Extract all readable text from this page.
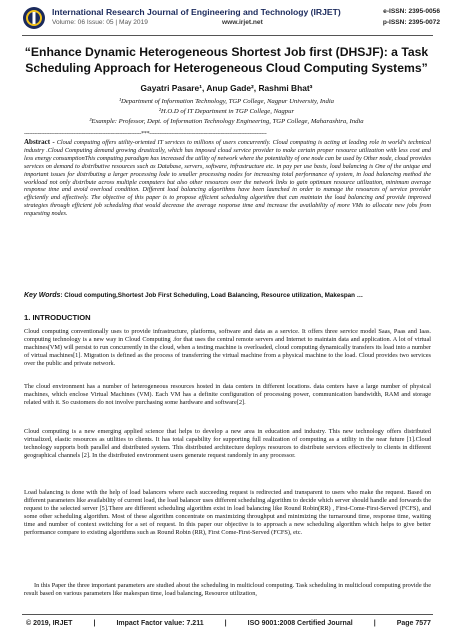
International Research Journal of Engineering and Technology (IRJET)
Volume: 06 Issue: 05 | May 2019	www.irjet.net
e-ISSN: 2395-0056
p-ISSN: 2395-0072
“Enhance Dynamic Heterogeneous Shortest Job first (DHSJF): a Task Scheduling Approach for Heterogeneous Cloud Computing Systems”
Gayatri Pasare¹, Anup Gade², Rashmi Bhat³
¹Department of Information Technology, TGP College, Nagpur University, India
²H.O.D of IT Department in TGP College, Nagpur
³Example: Professor, Dept. of Information Technology Engineering, TGP College, Maharashtra, India
---------------------------------------------------------------------***---------------------------------------------------------------------
Abstract - Cloud computing offers utility-oriented IT services to millions of users concurrently. Cloud computing is acting at leading role in world's technical industry .Cloud Computing demand growing drastically, which has imposed cloud service provider to make certain proper resource utilization with less cost and less energy consumptionThis computing paradigm has increased the utility of network where the potentiality of one node can be used by Other node, cloud provides services on demand to distributive resources such as Database, servers, software, infrastructure etc. in pay per use basis, load balancing is One of the unique and important issues for distributing a larger processing lode to smaller processing nodes for increasing total performance of system, in load balancing method the workload not only distribute across multiple computers but also other resources over the network links to gain optimum resource utilization, minimum average response time and avoid overload condition. Different load balancing algorithms have been launched in order to manage the resources of service provider efficiently and effectively. The objective of this paper is to propose efficient scheduling algorithm that can maintain the load balancing and provide improved strategies through efficient job scheduling that would decrease the average response time and increase the availability of more VMs to allocate new jobs from requesting nodes.
Key Words: Cloud computing,Shortest Job First Scheduling, Load Balancing, Resource utilization, Makespan …
1. INTRODUCTION
Cloud computing conventionally uses to provide infrastructure, platforms, software and data as a service. It offers three service model Saas, Paas and Iaas. computing technology is a new way in Cloud Computing .for that uses the central remote servers and Internet to maintain data and application. A lot of virtual machines(VM) will persist to run concurrently in the cloud, when a testing machine is overloaded, cloud computing dynamically transfers its load into a number of virtual machines[1]. Migration is defined as the process of transferring the virtual machine from a physical machine to the load. Cloud provides two services over the public and private network.
The cloud environment has a number of heterogeneous resources hosted in data centers in different locations. data centers have a large number of physical machines, which enclose Virtual Machines (VM). Each VM has a definite configuration of processing power, communication bandwidth, RAM and storage related with it. So customers do not involve purchasing some hardware and software[2].
Cloud computing is a new emerging applied science that helps to develop a new area in education and industry. This new technology offers distributed virtualized, elastic resources as utilities to clients. It has total capability for supporting full realization of computing as a utility in the near future [1].Cloud technology supports both parallel and distributed system. This distributed architecture deploys resources to distribute services effectively to clients in different geographical channels [2]. In the distributed environment users generate request randomly in any processor.
Load balancing is done with the help of load balancers where each succeeding request is redirected and transparent to users who make the request. Based on different parameters like availability of current load, the load balancer uses different scheduling algorithm to decide which server should handle and forwards the request to the selected server [5].There are different scheduling algorithm exist in load balancing like Round Robin(RR) , First-Come-First-Served (FCFS), and some other scheduling algorithm. Most of these algorithm concentrate on maximizing throughput and minimizing the turnaround time, response time, waiting time and number of context switching for a set of request. In this paper our objective is to approach a new scheduling algorithm which helps to give better performance compare to existing algorithms such as Round Robin (RR), First Come-First-Served (FCFS), etc.
In this Paper the three important parameters are studied about the scheduling in multicloud computing. Task scheduling in multicloud computing provide the result based on various parameters like makespan time, load balancing, Resource utilization,
© 2019, IRJET	|	Impact Factor value: 7.211	|	ISO 9001:2008 Certified Journal	|	Page 7577
